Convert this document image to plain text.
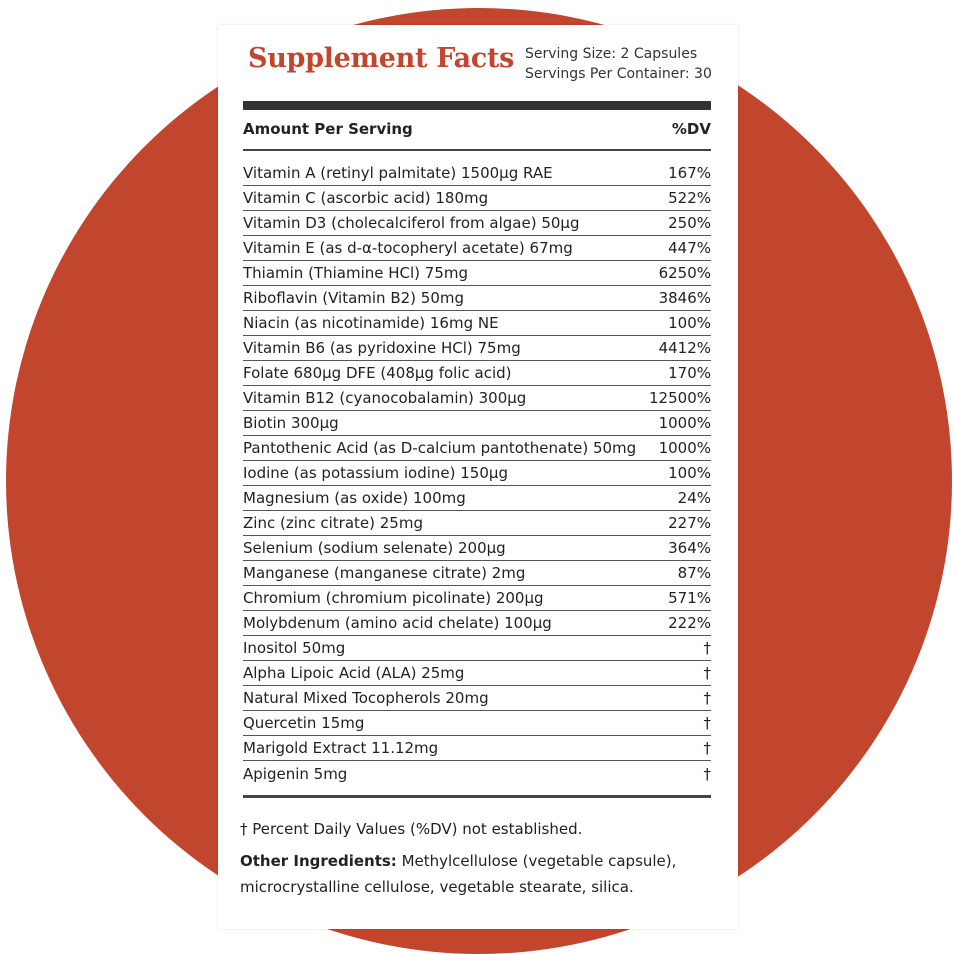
Supplement Facts Serving Size: 2 Capsules
Servings Per Container: 30
Amount Per Serving	%DV
Vitamin A (retinyl palmitate) 1500µg RAE	167%
Vitamin C (ascorbic acid) 180mg	522%
Vitamin D3 (cholecalciferol from algae) 50µg	250%
Vitamin E (as d-α-tocopheryl acetate) 67mg	447%
Thiamin (Thiamine HCl) 75mg	6250%
Riboflavin (Vitamin B2) 50mg	3846%
Niacin (as nicotinamide) 16mg NE	100%
Vitamin B6 (as pyridoxine HCl) 75mg	4412%
Folate 680µg DFE (408µg folic acid)	170%
Vitamin B12 (cyanocobalamin) 300µg	12500%
Biotin 300µg	1000%
Pantothenic Acid (as D-calcium pantothenate) 50mg 1000%
Iodine (as potassium iodine) 150µg	100%
Magnesium (as oxide) 100mg	24%
Zinc (zinc citrate) 25mg	227%
Selenium (sodium selenate) 200µg	364%
Manganese (manganese citrate) 2mg	87%
Chromium (chromium picolinate) 200µg	571%
Molybdenum (amino acid chelate) 100µg	222%
Inositol 50mg	†
Alpha Lipoic Acid (ALA) 25mg	†
Natural Mixed Tocopherols 20mg	†
Quercetin 15mg	†
Marigold Extract 11.12mg	†
Apigenin 5mg	†
† Percent Daily Values (%DV) not established.
Other Ingredients: Methylcellulose (vegetable capsule), microcrystalline cellulose, vegetable stearate, silica.
